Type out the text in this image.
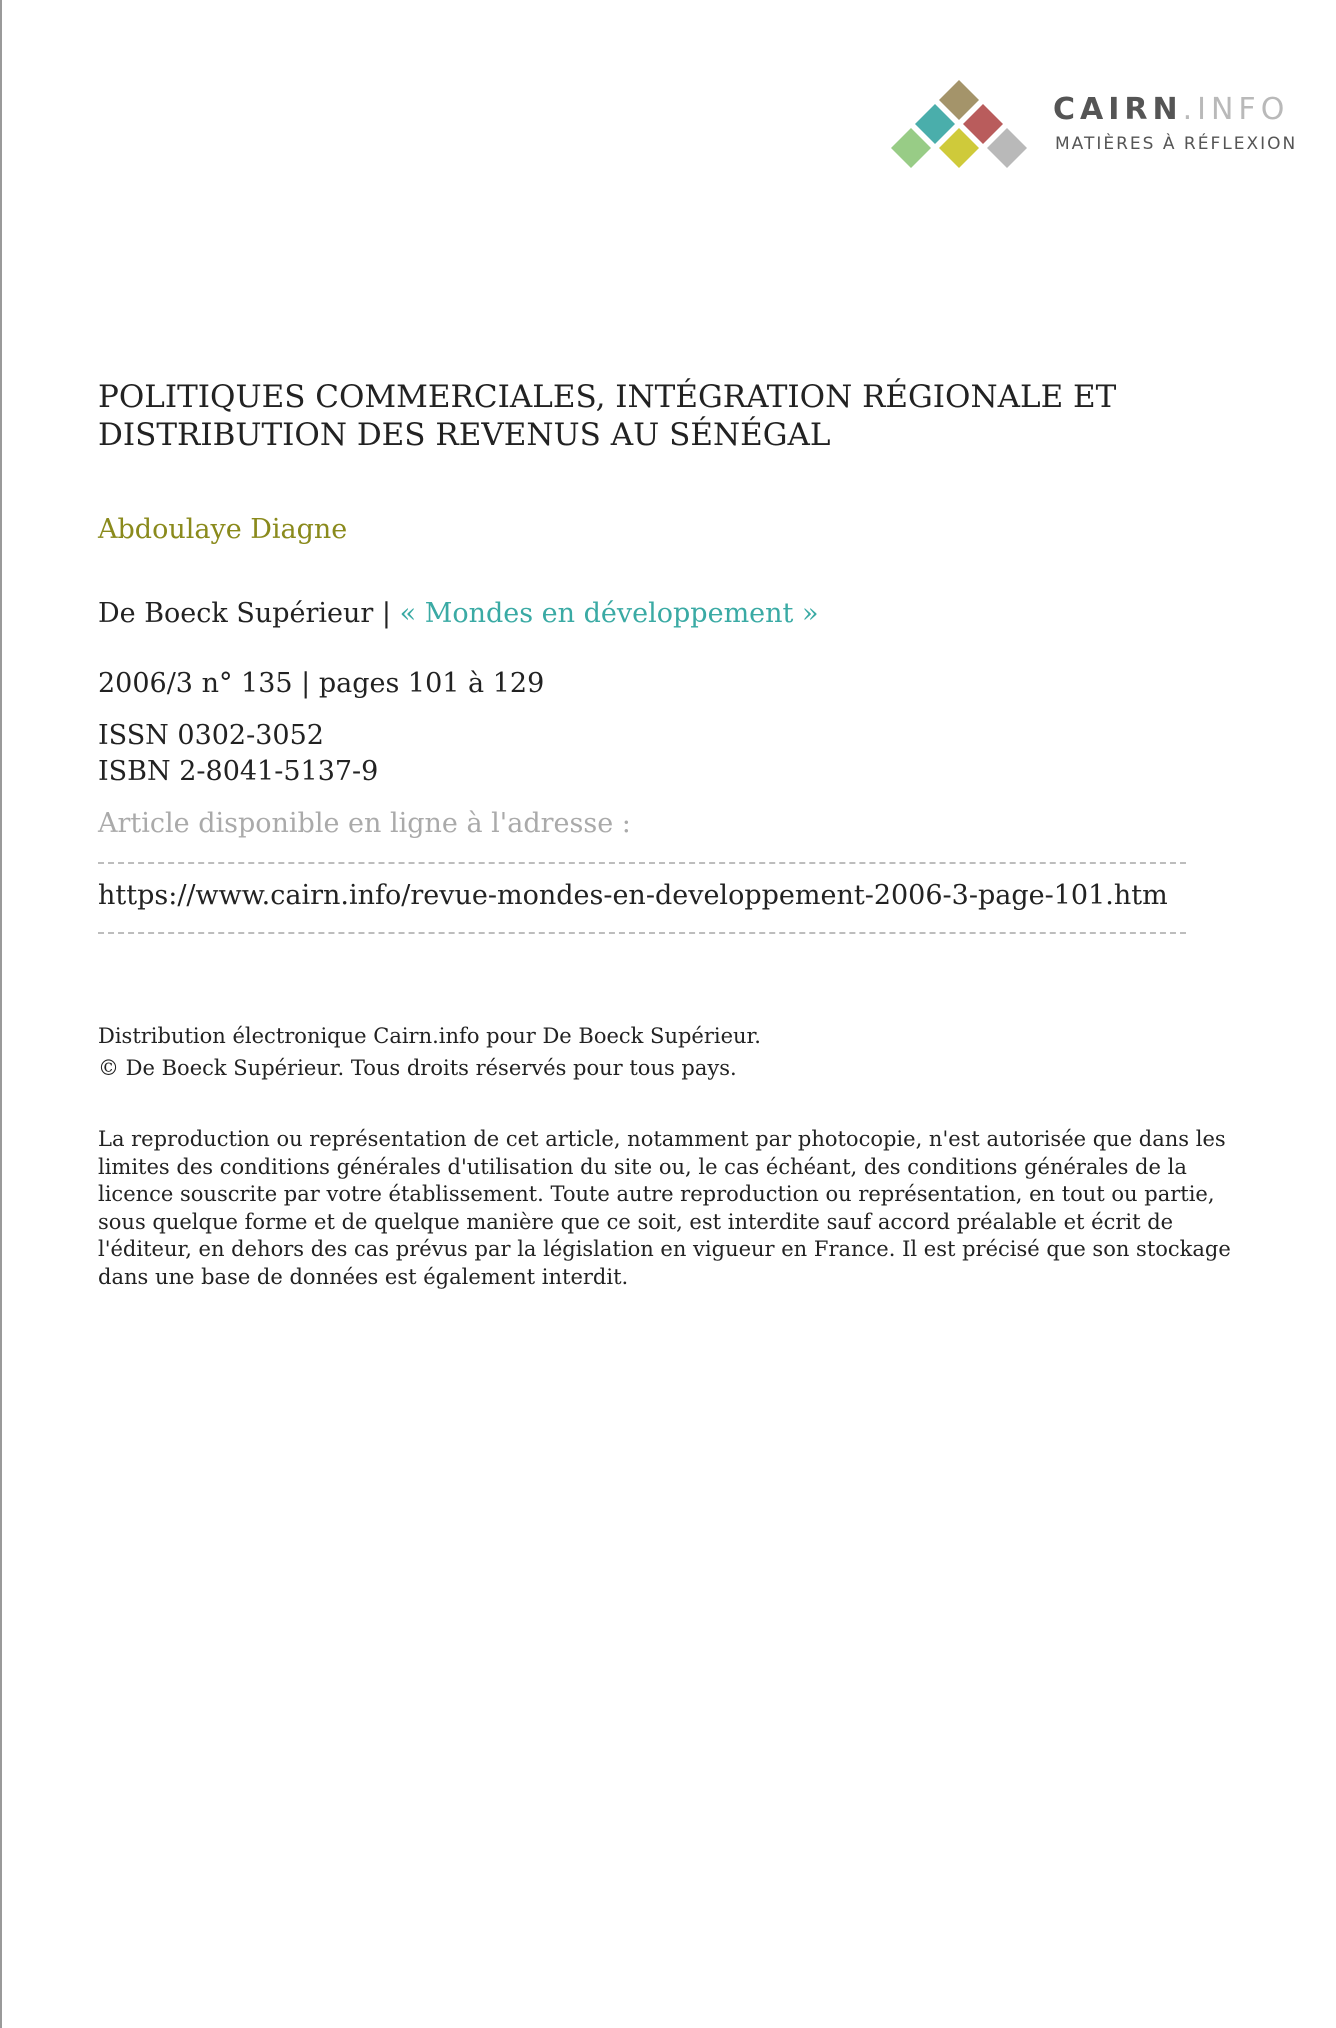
CAIRN.INFO
MATIÈRES À RÉFLEXION
POLITIQUES COMMERCIALES, INTÉGRATION RÉGIONALE ET
DISTRIBUTION DES REVENUS AU SÉNÉGAL
Abdoulaye Diagne
De Boeck Supérieur | « Mondes en développement »
2006/3 n° 135 | pages 101 à 129
ISSN 0302-3052
ISBN 2-8041-5137-9
Article disponible en ligne à l'adresse :
https://www.cairn.info/revue-mondes-en-developpement-2006-3-page-101.htm
Distribution électronique Cairn.info pour De Boeck Supérieur.
© De Boeck Supérieur. Tous droits réservés pour tous pays.

La reproduction ou représentation de cet article, notamment par photocopie, n'est autorisée que dans les
limites des conditions générales d'utilisation du site ou, le cas échéant, des conditions générales de la
licence souscrite par votre établissement. Toute autre reproduction ou représentation, en tout ou partie,
sous quelque forme et de quelque manière que ce soit, est interdite sauf accord préalable et écrit de
l'éditeur, en dehors des cas prévus par la législation en vigueur en France. Il est précisé que son stockage
dans une base de données est également interdit.
